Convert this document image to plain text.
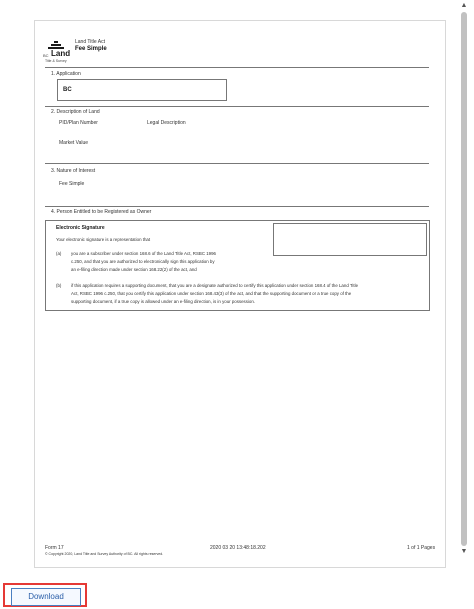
▲
▼
BC Land
Title & Survey
Land Title Act
Fee Simple
1. Application
BC
2. Description of Land
PID/Plan Number	Legal Description
Market Value
3. Nature of Interest
Fee Simple
4. Person Entitled to be Registered as Owner
Electronic Signature
Your electronic signature is a representation that
(a) you are a subscriber under section 168.6 of the Land Title Act, RSBC 1996
c.250, and that you are authorized to electronically sign this application by
an e-filing direction made under section 168.22(2) of the act, and
(b) if this application requires a supporting document, that you are a designate authorized to certify this application under section 168.4 of the Land Title
Act, RSBC 1996 c.250, that you certify this application under section 168.43(3) of the act, and that the supporting document or a true copy of the
supporting document, if a true copy is allowed under an e-filing direction, is in your possession.
Form 17
© Copyright 2020, Land Title and Survey Authority of BC. All rights reserved.
2020 03 20 13:48:18.202	1 of 1 Pages
Download
